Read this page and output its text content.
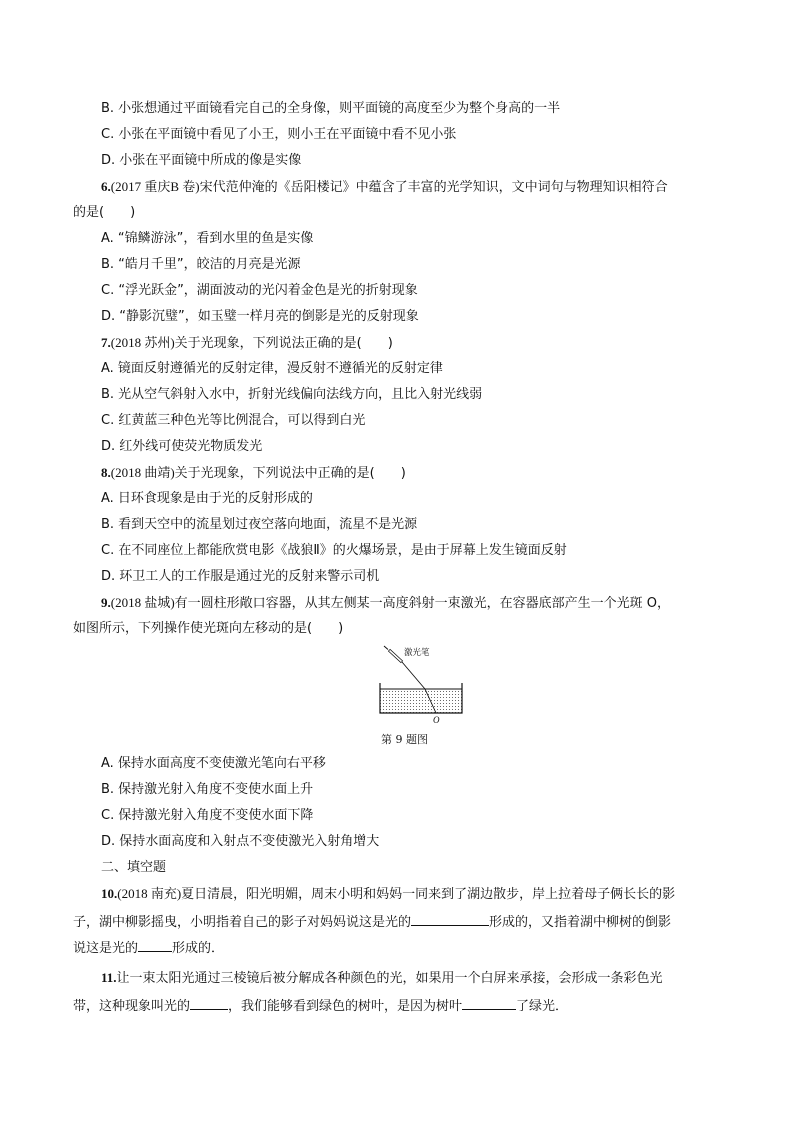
B. 小张想通过平面镜看完自己的全身像，则平面镜的高度至少为整个身高的一半
C. 小张在平面镜中看见了小王，则小王在平面镜中看不见小张
D. 小张在平面镜中所成的像是实像
6.(2017 重庆B 卷)宋代范仲淹的《岳阳楼记》中蕴含了丰富的光学知识，文中词句与物理知识相符合
的是(　　)
A. “锦鳞游泳”，看到水里的鱼是实像
B. “皓月千里”，皎洁的月亮是光源
C. “浮光跃金”，湖面波动的光闪着金色是光的折射现象
D. “静影沉璧”，如玉璧一样月亮的倒影是光的反射现象
7.(2018 苏州)关于光现象，下列说法正确的是(　　)
A. 镜面反射遵循光的反射定律，漫反射不遵循光的反射定律
B. 光从空气斜射入水中，折射光线偏向法线方向，且比入射光线弱
C. 红黄蓝三种色光等比例混合，可以得到白光
D. 红外线可使荧光物质发光
8.(2018 曲靖)关于光现象，下列说法中正确的是(　　)
A. 日环食现象是由于光的反射形成的
B. 看到天空中的流星划过夜空落向地面，流星不是光源
C. 在不同座位上都能欣赏电影《战狼Ⅱ》的火爆场景，是由于屏幕上发生镜面反射
D. 环卫工人的工作服是通过光的反射来警示司机
9.(2018 盐城)有一圆柱形敞口容器，从其左侧某一高度斜射一束激光，在容器底部产生一个光斑 O，
如图所示，下列操作使光斑向左移动的是(　　)
激光笔
O
第 9 题图
A. 保持水面高度不变使激光笔向右平移
B. 保持激光射入角度不变使水面上升
C. 保持激光射入角度不变使水面下降
D. 保持水面高度和入射点不变使激光入射角增大
二、填空题
10.(2018 南充)夏日清晨，阳光明媚，周末小明和妈妈一同来到了湖边散步，岸上拉着母子俩长长的影
子，湖中柳影摇曳，小明指着自己的影子对妈妈说这是光的	形成的，又指着湖中柳树的倒影
说这是光的	形成的．
11.让一束太阳光通过三棱镜后被分解成各种颜色的光，如果用一个白屏来承接，会形成一条彩色光
带，这种现象叫光的	，我们能够看到绿色的树叶，是因为树叶	了绿光．
